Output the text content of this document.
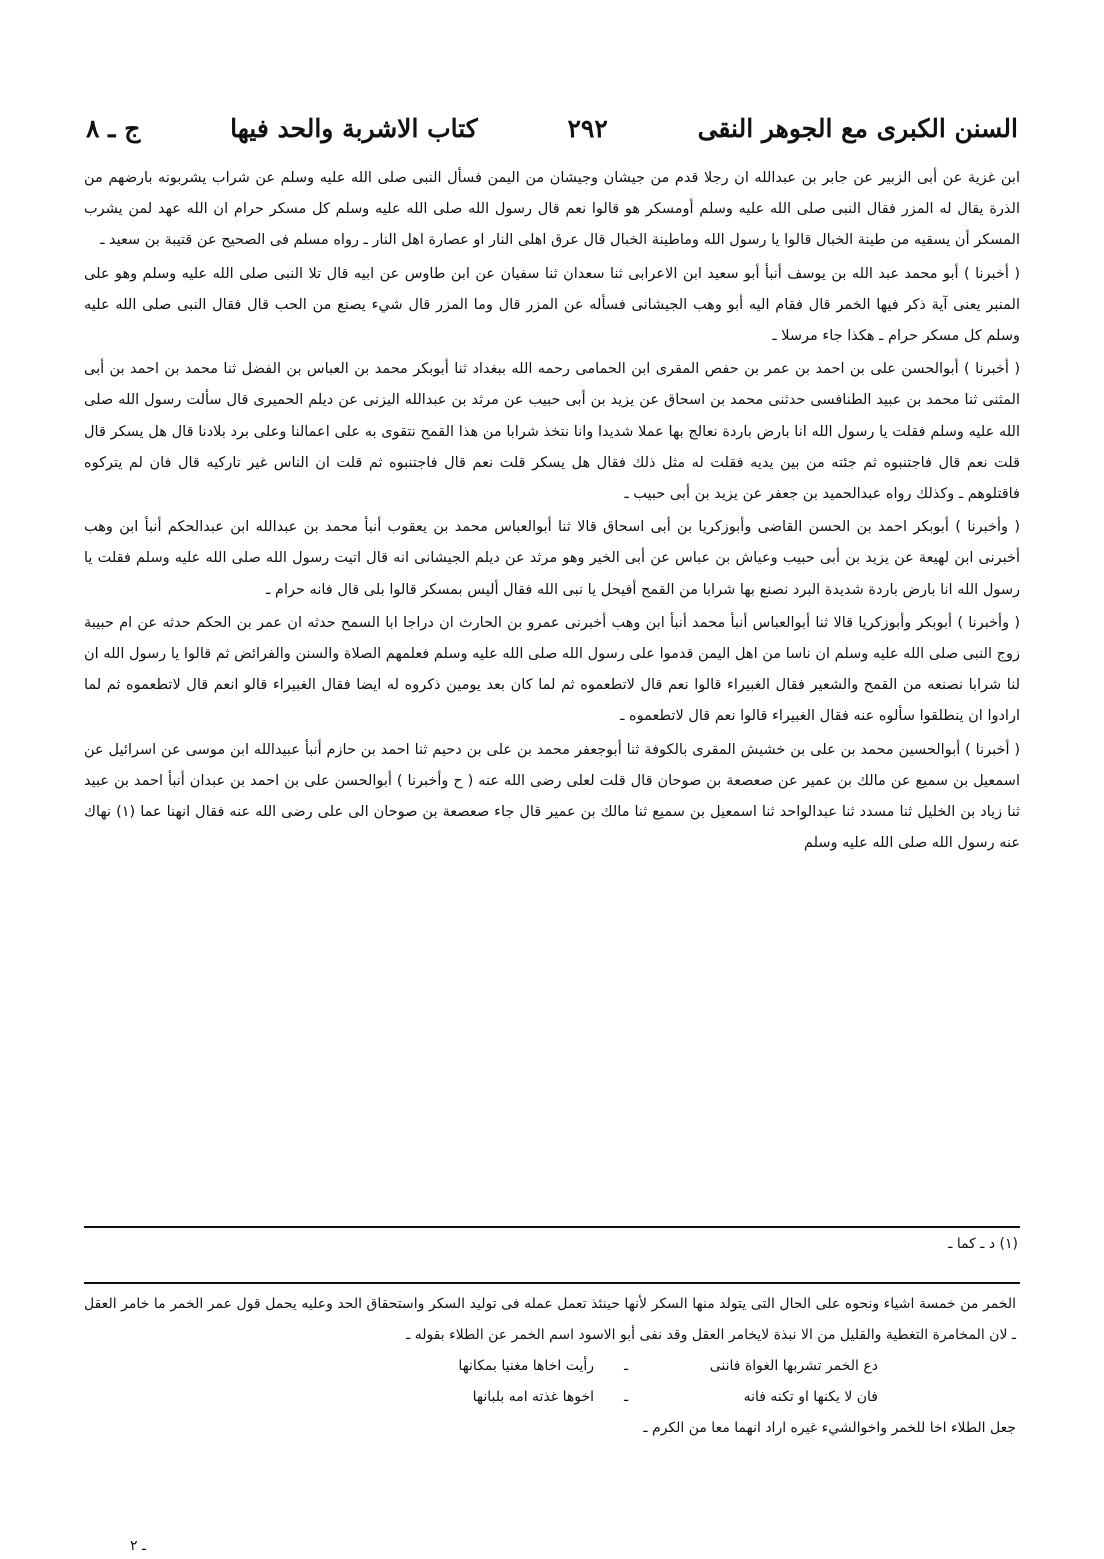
السنن الكبرى مع الجوهر النقى
٢٩٢
كتاب الاشربة والحد فيها
ج ـ ٨

ابن غزية عن أبى الزبير عن جابر بن عبدالله ان رجلا قدم من جيشان وجيشان من اليمن فسأل النبى صلى الله عليه وسلم عن شراب يشربونه بارضهم من الذرة يقال له المزر فقال النبى صلى الله عليه وسلم أومسكر هو قالوا نعم قال رسول الله صلى الله عليه وسلم كل مسكر حرام ان الله عهد لمن يشرب المسكر أن يسقيه من طينة الخبال قالوا يا رسول الله وماطينة الخبال قال عرق اهلى النار او عصارة اهل النار ـ رواه مسلم فى الصحيح عن قتيبة بن سعيد ـ

( أخبرنا ) أبو محمد عبد الله بن يوسف أنبأ أبو سعيد ابن الاعرابى ثنا سعدان ثنا سفيان عن ابن طاوس عن ابيه قال تلا النبى صلى الله عليه وسلم وهو على المنبر يعنى آية ذكر فيها الخمر قال فقام اليه أبو وهب الجيشانى فسأله عن المزر قال وما المزر قال شيء يصنع من الحب قال فقال النبى صلى الله عليه وسلم كل مسكر حرام ـ هكذا جاء مرسلا ـ

( أخبرنا ) أبوالحسن على بن احمد بن عمر بن حفص المقرى ابن الحمامى رحمه الله ببغداد ثنا أبوبكر محمد بن العباس بن الفضل ثنا محمد بن احمد بن أبى المثنى ثنا محمد بن عبيد الطنافسى حدثنى محمد بن اسحاق عن يزيد بن أبى حبيب عن مرثد بن عبدالله اليزنى عن ديلم الحميرى قال سألت رسول الله صلى الله عليه وسلم فقلت يا رسول الله انا بارض باردة نعالج بها عملا شديدا وانا نتخذ شرابا من هذا القمح نتقوى به على اعمالنا وعلى برد بلادنا قال هل يسكر قال قلت نعم قال فاجتنبوه ثم جئته من بين يديه فقلت له مثل ذلك فقال هل يسكر قلت نعم قال فاجتنبوه ثم قلت ان الناس غير تاركيه قال فان لم يتركوه فاقتلوهم ـ وكذلك رواه عبدالحميد بن جعفر عن يزيد بن أبى حبيب ـ

( وأخبرنا ) أبوبكر احمد بن الحسن القاضى وأبوزكريا بن أبى اسحاق قالا ثنا أبوالعباس محمد بن يعقوب أنبأ محمد بن عبدالله ابن عبدالحكم أنبأ ابن وهب أخبرنى ابن لهيعة عن يزيد بن أبى حبيب وعياش بن عباس عن أبى الخير وهو مرثد عن ديلم الجيشانى انه قال اتيت رسول الله صلى الله عليه وسلم فقلت يا رسول الله انا بارض باردة شديدة البرد نصنع بها شرابا من القمح أفيحل يا نبى الله فقال أليس بمسكر قالوا بلى قال فانه حرام ـ

( وأخبرنا ) أبوبكر وأبوزكريا قالا ثنا أبوالعباس أنبأ محمد أنبأ ابن وهب أخبرنى عمرو بن الحارث ان دراجا ابا السمح حدثه ان عمر بن الحكم حدثه عن ام حبيبة زوج النبى صلى الله عليه وسلم ان ناسا من اهل اليمن قدموا على رسول الله صلى الله عليه وسلم فعلمهم الصلاة والسنن والفرائض ثم قالوا يا رسول الله ان لنا شرابا نصنعه من القمح والشعير فقال الغبيراء قالوا نعم قال لاتطعموه ثم لما كان بعد يومين ذكروه له ايضا فقال الغبيراء قالو انعم قال لاتطعموه ثم لما ارادوا ان ينطلقوا سألوه عنه فقال الغبيراء قالوا نعم قال لاتطعموه ـ

( أخبرنا ) أبوالحسين محمد بن على بن خشيش المقرى بالكوفة ثنا أبوجعفر محمد بن على بن دحيم ثنا احمد بن حازم أنبأ عبيدالله ابن موسى عن اسرائيل عن اسمعيل بن سميع عن مالك بن عمير عن صعصعة بن صوحان قال قلت لعلى رضى الله عنه ( ح وأخبرنا ) أبوالحسن على بن احمد بن عبدان أنبأ احمد بن عبيد ثنا زياد بن الخليل ثنا مسدد ثنا عبدالواحد ثنا اسمعيل بن سميع ثنا مالك بن عمير قال جاء صعصعة بن صوحان الى على رضى الله عنه فقال انهنا عما (١) نهاك عنه رسول الله صلى الله عليه وسلم

(١) د ـ كما ـ

الخمر من خمسة اشياء ونحوه على الحال التى يتولد منها السكر لأنها حينئذ تعمل عمله فى توليد السكر واستحقاق الحد وعليه يحمل قول عمر الخمر ما خامر العقل ـ لان المخامرة التغطية والقليل من الا نبذة لايخامر العقل وقد نفى أبو الاسود اسم الخمر عن الطلاء بقوله ـ

دع الخمر تشربها الغواة فاننى
ـ
رأيت اخاها مغنيا بمكانها
فان لا يكنها او تكنه فانه
ـ
اخوها غذته امه بلبانها

جعل الطلاء اخا للخمر واخوالشيء غيره اراد انهما معا من الكرم ـ

ـ ٢
